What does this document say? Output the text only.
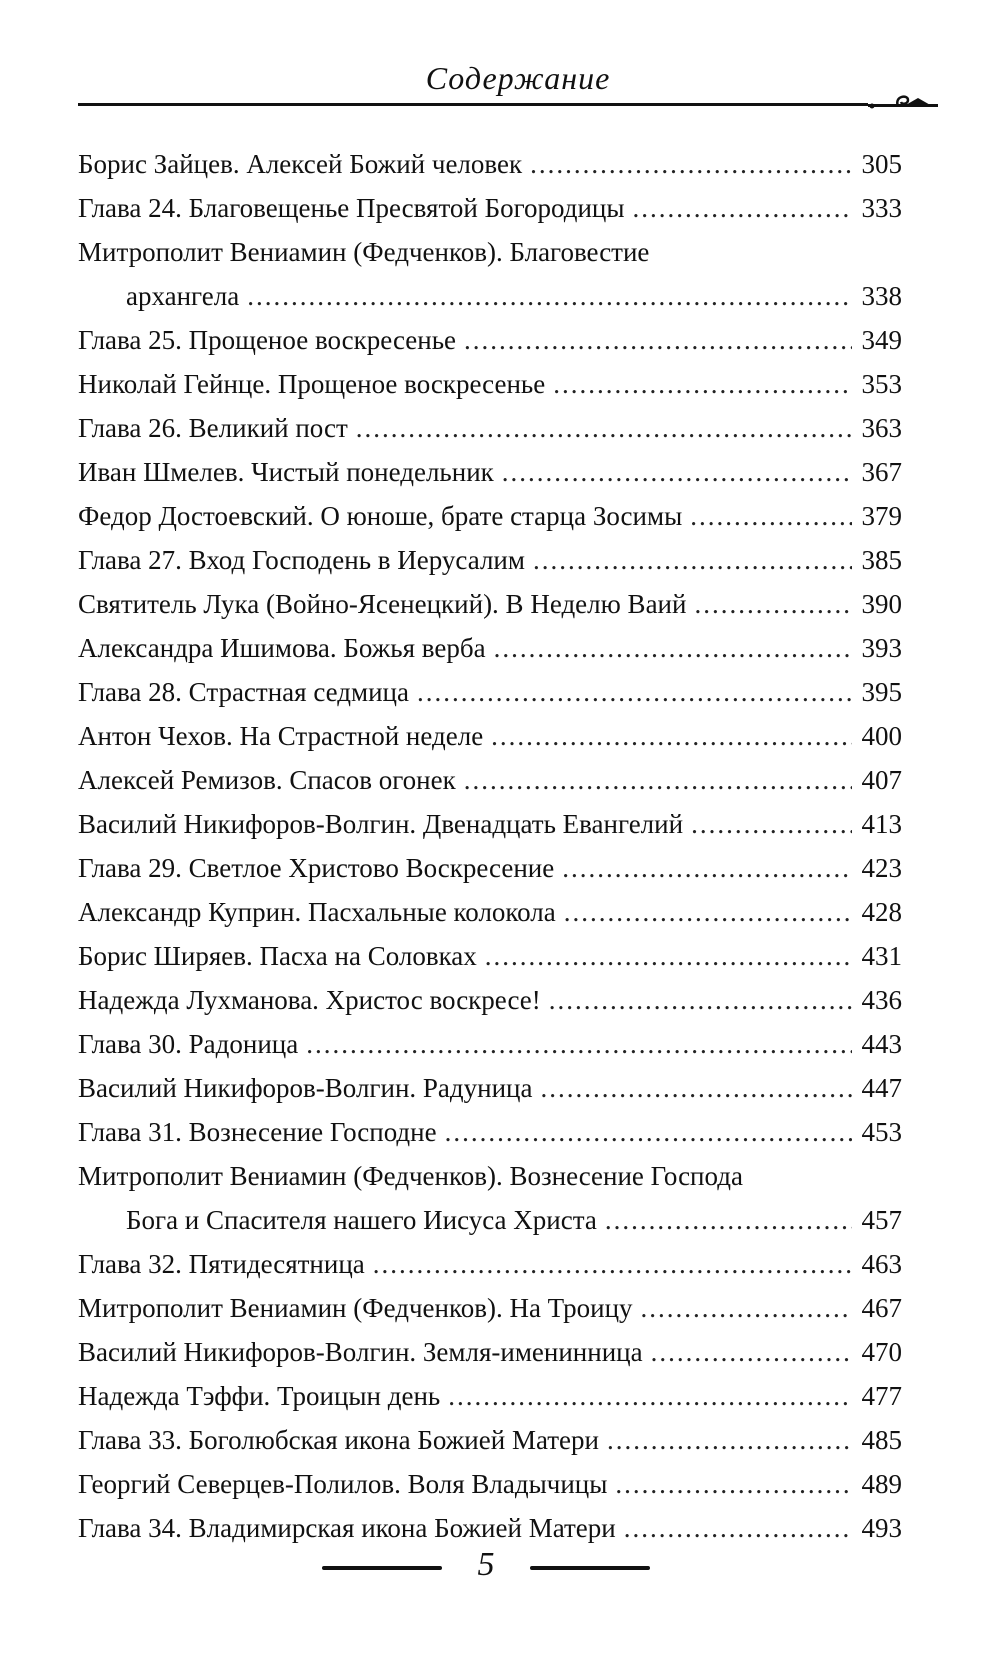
Содержание
Борис Зайцев. Алексей Божий человек .....	305
Глава 24. Благовещенье Пресвятой Богородицы .....	333
Митрополит Вениамин (Федченков). Благовестие
архангела .....	338
Глава 25. Прощеное воскресенье .....	349
Николай Гейнце. Прощеное воскресенье .....	353
Глава 26. Великий пост .....	363
Иван Шмелев. Чистый понедельник .....	367
Федор Достоевский. О юноше, брате старца Зосимы .....	379
Глава 27. Вход Господень в Иерусалим .....	385
Святитель Лука (Войно-Ясенецкий). В Неделю Ваий .....	390
Александра Ишимова. Божья верба .....	393
Глава 28. Страстная седмица .....	395
Антон Чехов. На Страстной неделе .....	400
Алексей Ремизов. Спасов огонек .....	407
Василий Никифоров-Волгин. Двенадцать Евангелий .....	413
Глава 29. Светлое Христово Воскресение .....	423
Александр Куприн. Пасхальные колокола .....	428
Борис Ширяев. Пасха на Соловках .....	431
Надежда Лухманова. Христос воскресе! .....	436
Глава 30. Радоница .....	443
Василий Никифоров-Волгин. Радуница .....	447
Глава 31. Вознесение Господне .....	453
Митрополит Вениамин (Федченков). Вознесение Господа
Бога и Спасителя нашего Иисуса Христа .....	457
Глава 32. Пятидесятница .....	463
Митрополит Вениамин (Федченков). На Троицу .....	467
Василий Никифоров-Волгин. Земля-именинница .....	470
Надежда Тэффи. Троицын день .....	477
Глава 33. Боголюбская икона Божией Матери .....	485
Георгий Северцев-Полилов. Воля Владычицы .....	489
Глава 34. Владимирская икона Божией Матери .....	493
5
